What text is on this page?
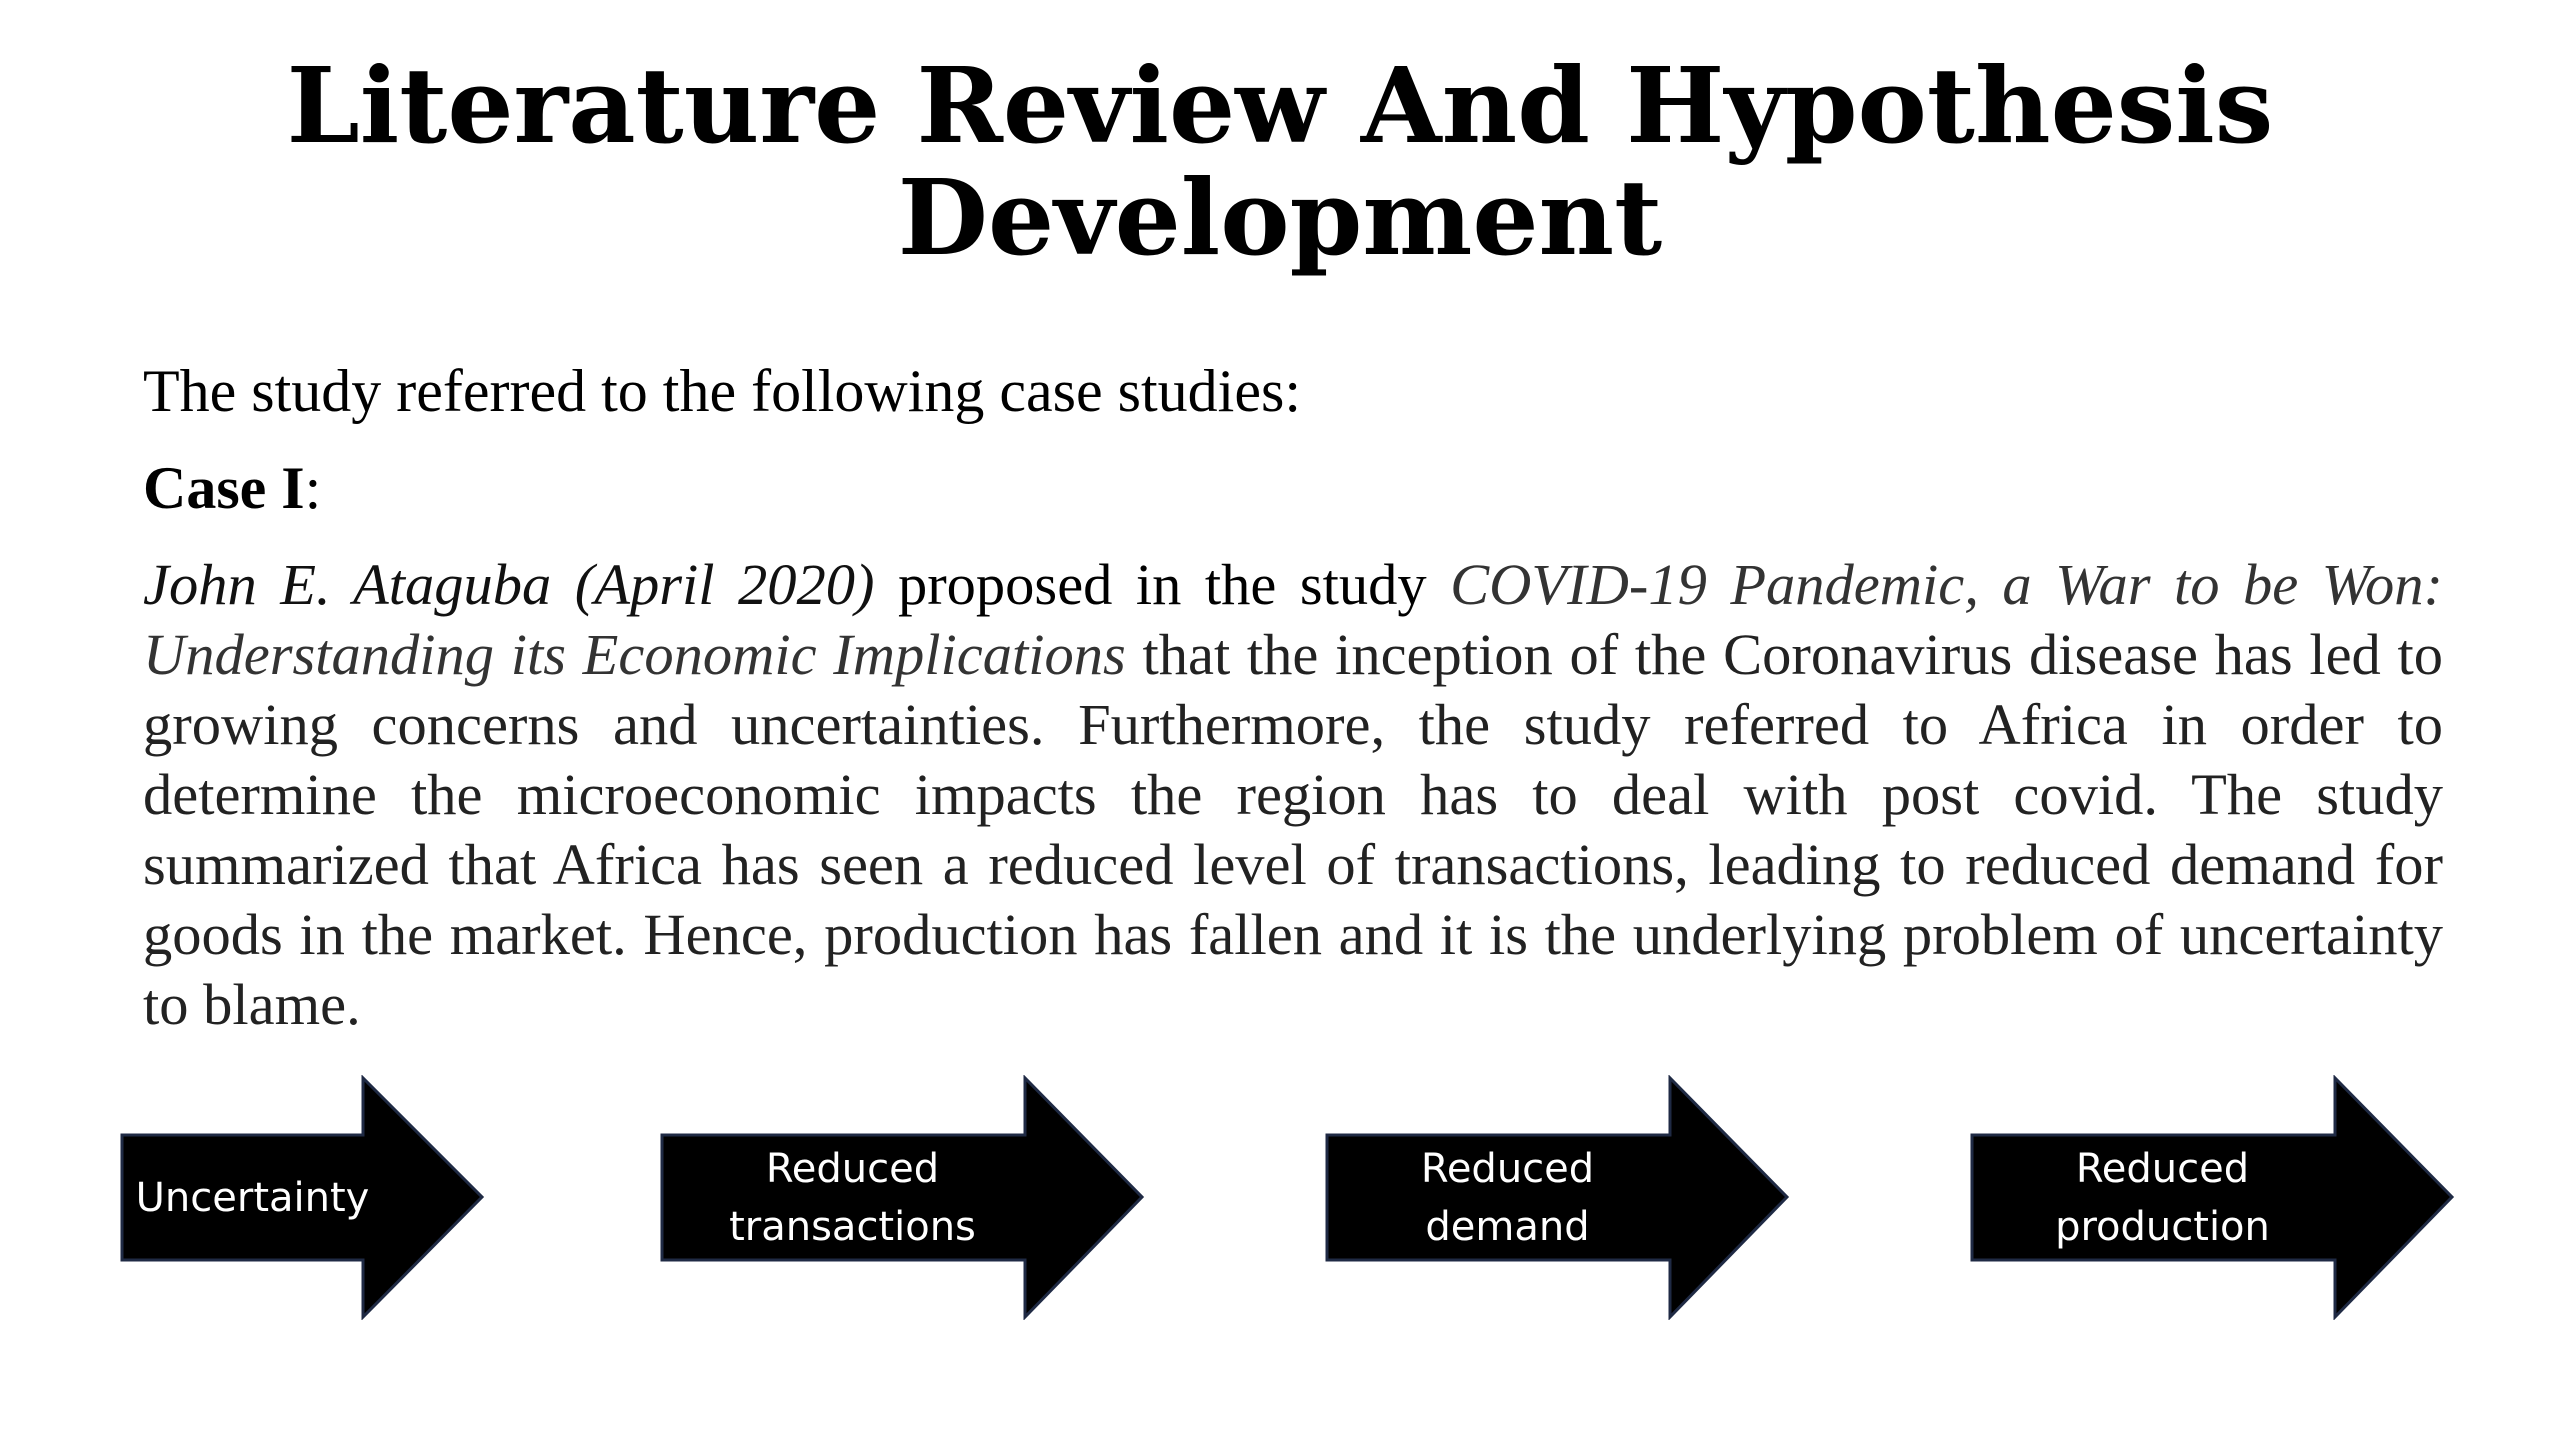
Literature Review And Hypothesis
Development

The study referred to the following case studies:

Case I:

John E. Ataguba (April 2020) proposed in the study COVID-19 Pandemic, a War to be Won: Understanding its Economic Implications that the inception of the Coronavirus disease has led to growing concerns and uncertainties. Furthermore, the study referred to Africa in order to determine the microeconomic impacts the region has to deal with post covid. The study summarized that Africa has seen a reduced level of transactions, leading to reduced demand for goods in the market. Hence, production has fallen and it is the underlying problem of uncertainty to blame.

Uncertainty
Reduced
transactions
Reduced demand
Reduced
production
